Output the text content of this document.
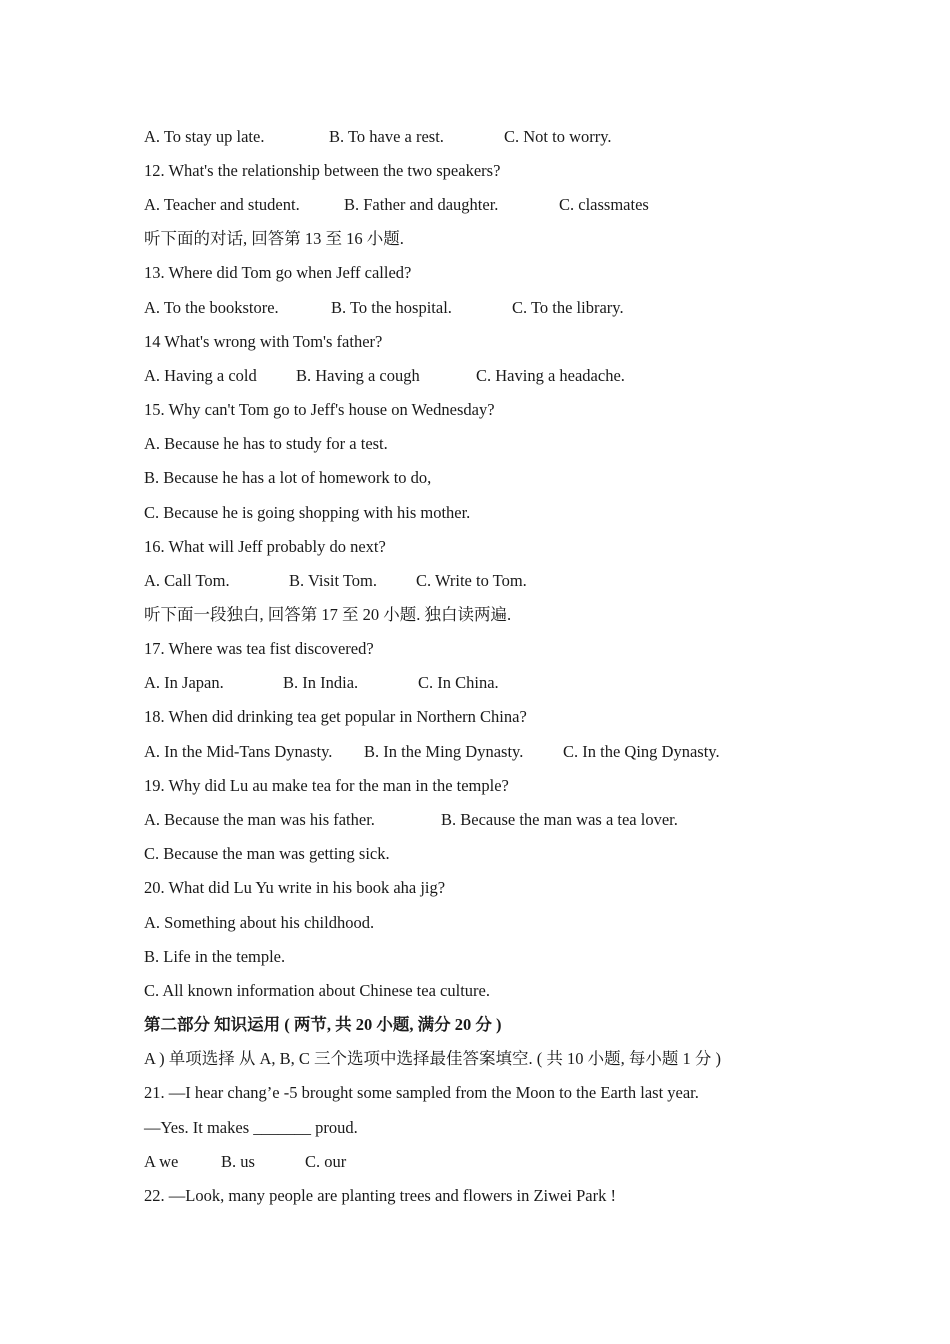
A. To stay up late.	B. To have a rest.	C. Not to worry.
12. What's the relationship between the two speakers?
A. Teacher and student.	B. Father and daughter.	C. classmates
听下面的对话, 回答第 13 至 16 小题.
13. Where did Tom go when Jeff called?
A. To the bookstore.	B. To the hospital.	C. To the library.
14 What's wrong with Tom's father?
A. Having a cold B. Having a cough	C. Having a headache.
15. Why can't Tom go to Jeff's house on Wednesday?
A. Because he has to study for a test.
B. Because he has a lot of homework to do,
C. Because he is going shopping with his mother.
16. What will Jeff probably do next?
A. Call Tom.	B. Visit Tom. C. Write to Tom.
听下面一段独白, 回答第 17 至 20 小题. 独白读两遍.
17. Where was tea fist discovered?
A. In Japan.	B. In India.	C. In China.
18. When did drinking tea get popular in Northern China?
A. In the Mid-Tans Dynasty. B. In the Ming Dynasty. C. In the Qing Dynasty.
19. Why did Lu au make tea for the man in the temple?
A. Because the man was his father.	B. Because the man was a tea lover.
C. Because the man was getting sick.
20. What did Lu Yu write in his book aha jig?
A. Something about his childhood.
B. Life in the temple.
C. All known information about Chinese tea culture.
第二部分 知识运用 ( 两节, 共 20 小题, 满分 20 分 )
A ) 单项选择 从 A, B, C 三个选项中选择最佳答案填空. ( 共 10 小题, 每小题 1 分 )
21. —I hear chang’e -5 brought some sampled from the Moon to the Earth last year.
—Yes. It makes _______ proud.
A we	B. us	C. our
22. —Look, many people are planting trees and flowers in Ziwei Park !
